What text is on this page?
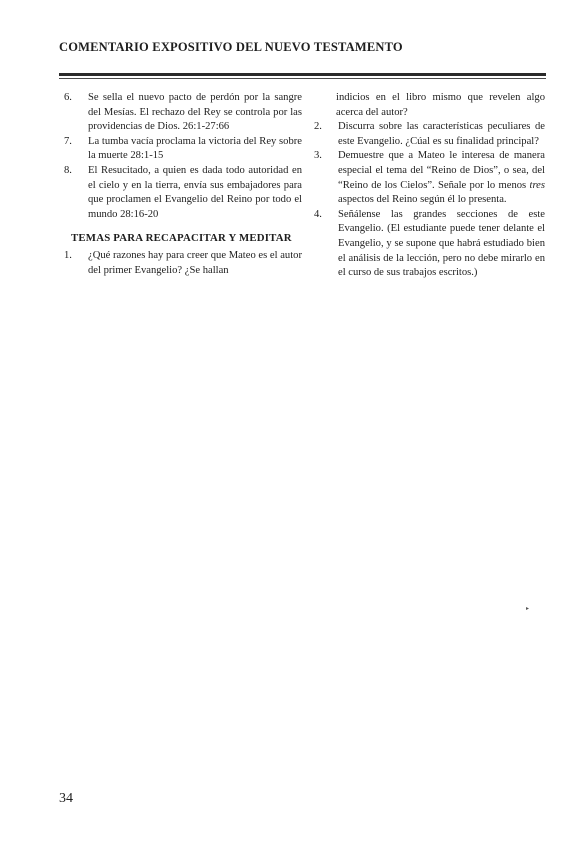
COMENTARIO EXPOSITIVO DEL NUEVO TESTAMENTO
6.	Se sella el nuevo pacto de perdón por la sangre del Mesías. El rechazo del Rey se controla por las providencias de Dios. 26:1-27:66
7.	La tumba vacía proclama la victoria del Rey sobre la muerte 28:1-15
8.	El Resucitado, a quien es dada todo autoridad en el cielo y en la tierra, envía sus embajadores para que proclamen el Evangelio del Reino por todo el mundo 28:16-20
TEMAS PARA RECAPACITAR Y MEDITAR
1.	¿Qué razones hay para creer que Mateo es el autor del primer Evangelio? ¿Se hallan
indicios en el libro mismo que revelen algo acerca del autor?
2.	Discurra sobre las características peculiares de este Evangelio. ¿Cúal es su finalidad principal?
3.	Demuestre que a Mateo le interesa de manera especial el tema del “Reino de Dios”, o sea, del “Reino de los Cielos”. Señale por lo menos tres aspectos del Reino según él lo presenta.
4.	Señálense las grandes secciones de este Evangelio. (El estudiante puede tener delante el Evangelio, y se supone que habrá estudiado bien el análisis de la lección, pero no debe mirarlo en el curso de sus trabajos escritos.)
▸
34
